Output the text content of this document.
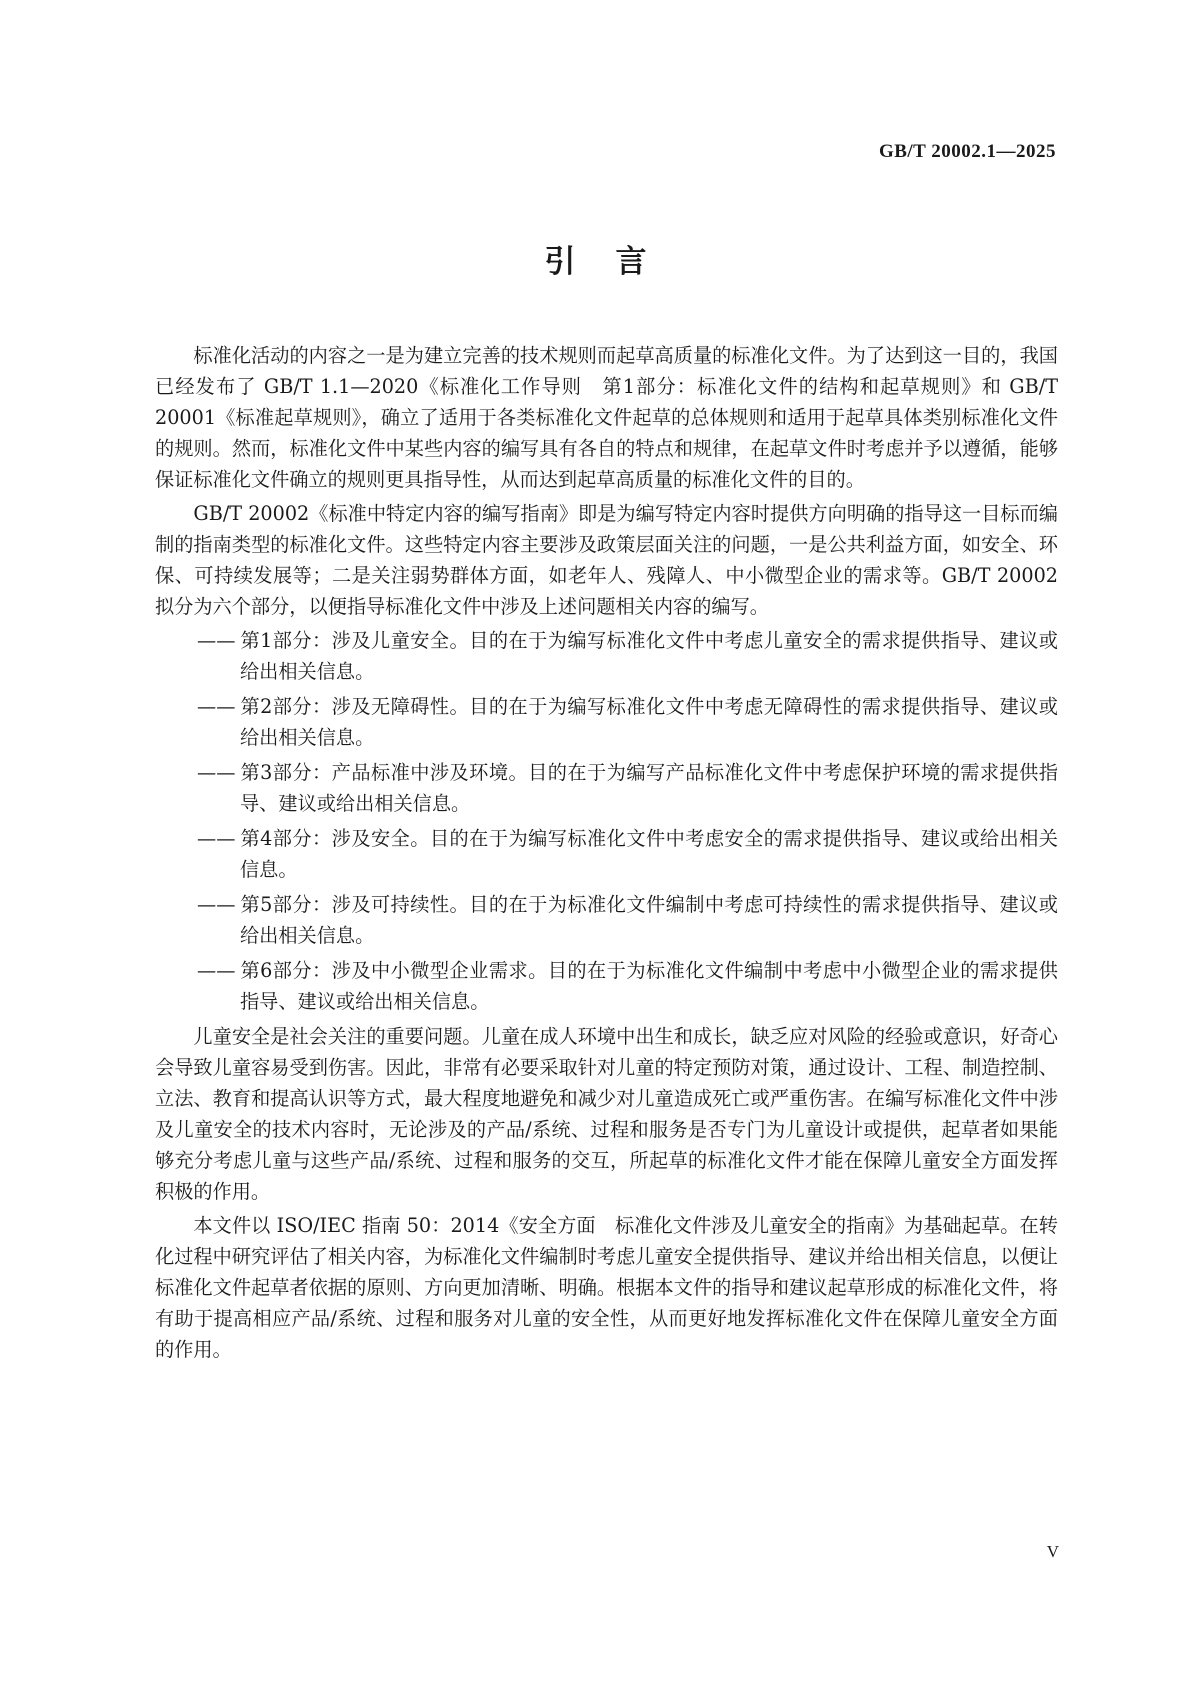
GB/T 20002.1—2025
引言

标准化活动的内容之一是为建立完善的技术规则而起草高质量的标准化文件。为了达到这一目的，我国已经发布了 GB/T 1.1—2020《标准化工作导则　第1部分：标准化文件的结构和起草规则》和 GB/T 20001《标准起草规则》，确立了适用于各类标准化文件起草的总体规则和适用于起草具体类别标准化文件的规则。然而，标准化文件中某些内容的编写具有各自的特点和规律，在起草文件时考虑并予以遵循，能够保证标准化文件确立的规则更具指导性，从而达到起草高质量的标准化文件的目的。

GB/T 20002《标准中特定内容的编写指南》即是为编写特定内容时提供方向明确的指导这一目标而编制的指南类型的标准化文件。这些特定内容主要涉及政策层面关注的问题，一是公共利益方面，如安全、环保、可持续发展等；二是关注弱势群体方面，如老年人、残障人、中小微型企业的需求等。GB/T 20002 拟分为六个部分，以便指导标准化文件中涉及上述问题相关内容的编写。

—— 第1部分：涉及儿童安全。目的在于为编写标准化文件中考虑儿童安全的需求提供指导、建议或给出相关信息。
—— 第2部分：涉及无障碍性。目的在于为编写标准化文件中考虑无障碍性的需求提供指导、建议或给出相关信息。
—— 第3部分：产品标准中涉及环境。目的在于为编写产品标准化文件中考虑保护环境的需求提供指导、建议或给出相关信息。
—— 第4部分：涉及安全。目的在于为编写标准化文件中考虑安全的需求提供指导、建议或给出相关信息。
—— 第5部分：涉及可持续性。目的在于为标准化文件编制中考虑可持续性的需求提供指导、建议或给出相关信息。
—— 第6部分：涉及中小微型企业需求。目的在于为标准化文件编制中考虑中小微型企业的需求提供指导、建议或给出相关信息。

儿童安全是社会关注的重要问题。儿童在成人环境中出生和成长，缺乏应对风险的经验或意识，好奇心会导致儿童容易受到伤害。因此，非常有必要采取针对儿童的特定预防对策，通过设计、工程、制造控制、立法、教育和提高认识等方式，最大程度地避免和减少对儿童造成死亡或严重伤害。在编写标准化文件中涉及儿童安全的技术内容时，无论涉及的产品/系统、过程和服务是否专门为儿童设计或提供，起草者如果能够充分考虑儿童与这些产品/系统、过程和服务的交互，所起草的标准化文件才能在保障儿童安全方面发挥积极的作用。

本文件以 ISO/IEC 指南 50：2014《安全方面　标准化文件涉及儿童安全的指南》为基础起草。在转化过程中研究评估了相关内容，为标准化文件编制时考虑儿童安全提供指导、建议并给出相关信息，以便让标准化文件起草者依据的原则、方向更加清晰、明确。根据本文件的指导和建议起草形成的标准化文件，将有助于提高相应产品/系统、过程和服务对儿童的安全性，从而更好地发挥标准化文件在保障儿童安全方面的作用。

V
